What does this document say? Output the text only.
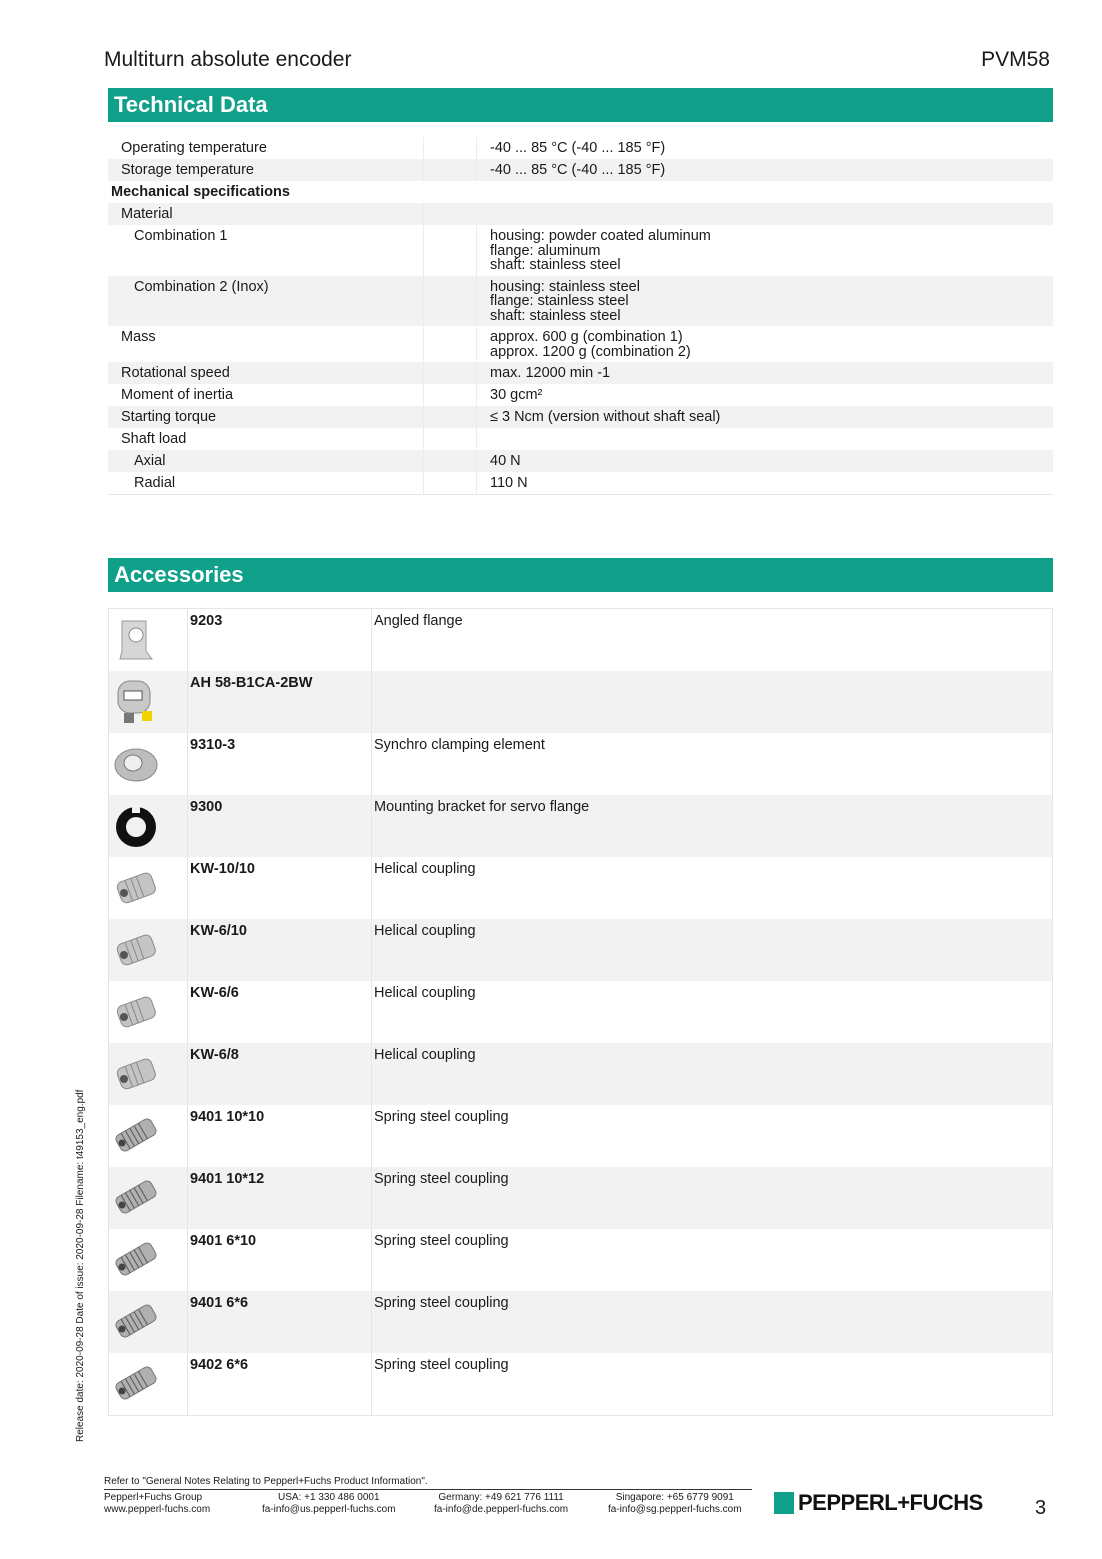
Multiturn absolute encoder	PVM58
Technical Data
Operating temperature		-40 ... 85 °C (-40 ... 185 °F)

Storage temperature		-40 ... 85 °C (-40 ... 185 °F)

Mechanical specifications		

Material		

Combination 1		housing: powder coated aluminum
flange: aluminum
shaft: stainless steel

Combination 2 (Inox)		housing: stainless steel
flange: stainless steel
shaft: stainless steel

Mass		approx. 600 g (combination 1)
approx. 1200 g (combination 2)

Rotational speed		max. 12000 min -1

Moment of inertia		30 gcm²

Starting torque		≤ 3 Ncm (version without shaft seal)

Shaft load		

Axial		40 N

Radial		110 N
Accessories

9203	Angled flange

AH 58-B1CA-2BW	

9310-3	Synchro clamping element

9300	Mounting bracket for servo flange

KW-10/10	Helical coupling

KW-6/10	Helical coupling

KW-6/6	Helical coupling

KW-6/8	Helical coupling

9401 10*10	Spring steel coupling

9401 10*12	Spring steel coupling

9401 6*10	Spring steel coupling

9401 6*6	Spring steel coupling

9402 6*6	Spring steel coupling
Release date: 2020-09-28 Date of issue: 2020-09-28 Filename: t49153_eng.pdf
Refer to "General Notes Relating to Pepperl+Fuchs Product Information".
Pepperl+Fuchs Group
www.pepperl-fuchs.com
USA: +1 330 486 0001
fa-info@us.pepperl-fuchs.com
Germany: +49 621 776 1111
fa-info@de.pepperl-fuchs.com
Singapore: +65 6779 9091
fa-info@sg.pepperl-fuchs.com	PEPPERL+FUCHS	3
